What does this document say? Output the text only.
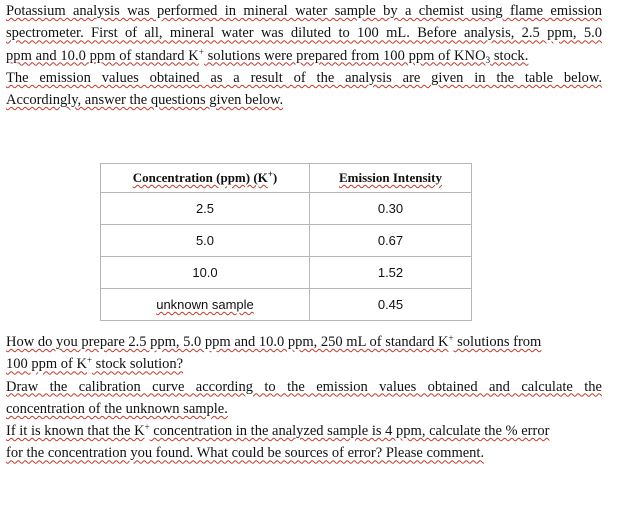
Potassium analysis was performed in mineral water sample by a chemist using flame emission
spectrometer. First of all, mineral water was diluted to 100 mL. Before analysis, 2.5 ppm, 5.0
ppm and 10.0 ppm of standard K+ solutions were prepared from 100 ppm of $KNO_3$ stock.
The emission values obtained as a result of the analysis are given in the table below.
Accordingly, answer the questions given below.
Concentration (ppm) (K+)	Emission Intensity
2.5	0.30
5.0	0.67
10.0	1.52
unknown sample	0.45
How do you prepare 2.5 ppm, 5.0 ppm and 10.0 ppm, 250 mL of standard K+ solutions from
100 ppm of K+ stock solution?
Draw the calibration curve according to the emission values obtained and calculate the
concentration of the unknown sample.
If it is known that the K+ concentration in the analyzed sample is 4 ppm, calculate the % error
for the concentration you found. What could be sources of error? Please comment.
